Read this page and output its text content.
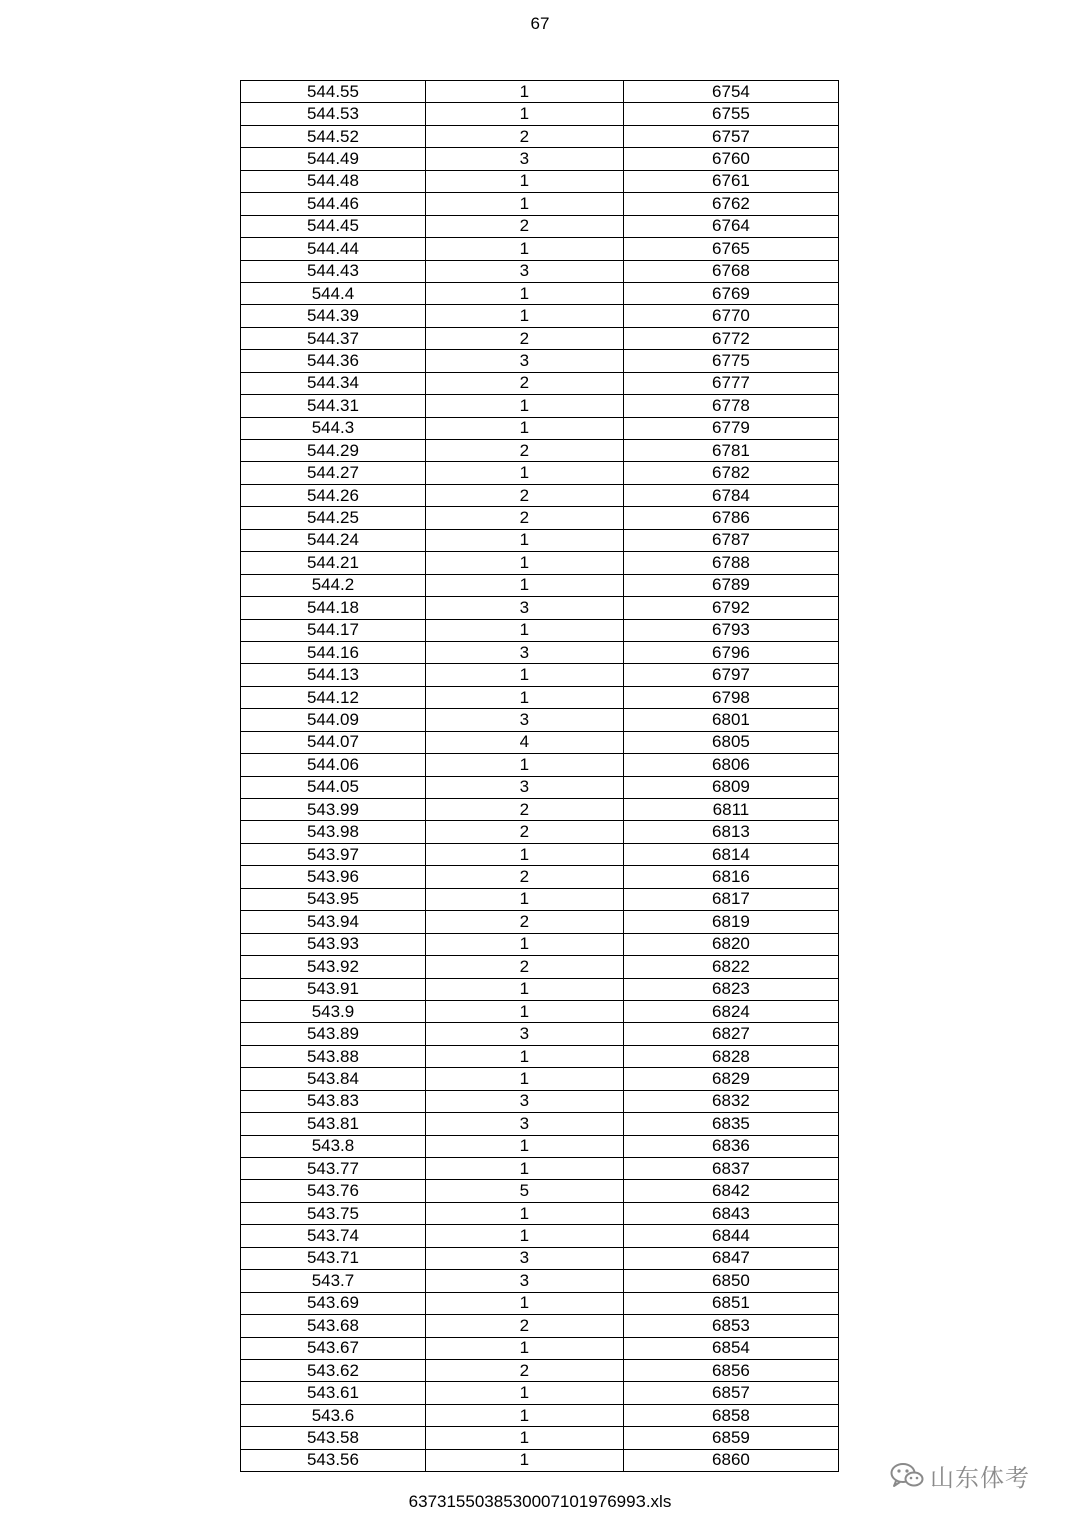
67
544.55	1	6754
544.53	1	6755
544.52	2	6757
544.49	3	6760
544.48	1	6761
544.46	1	6762
544.45	2	6764
544.44	1	6765
544.43	3	6768
544.4	1	6769
544.39	1	6770
544.37	2	6772
544.36	3	6775
544.34	2	6777
544.31	1	6778
544.3	1	6779
544.29	2	6781
544.27	1	6782
544.26	2	6784
544.25	2	6786
544.24	1	6787
544.21	1	6788
544.2	1	6789
544.18	3	6792
544.17	1	6793
544.16	3	6796
544.13	1	6797
544.12	1	6798
544.09	3	6801
544.07	4	6805
544.06	1	6806
544.05	3	6809
543.99	2	6811
543.98	2	6813
543.97	1	6814
543.96	2	6816
543.95	1	6817
543.94	2	6819
543.93	1	6820
543.92	2	6822
543.91	1	6823
543.9	1	6824
543.89	3	6827
543.88	1	6828
543.84	1	6829
543.83	3	6832
543.81	3	6835
543.8	1	6836
543.77	1	6837
543.76	5	6842
543.75	1	6843
543.74	1	6844
543.71	3	6847
543.7	3	6850
543.69	1	6851
543.68	2	6853
543.67	1	6854
543.62	2	6856
543.61	1	6857
543.6	1	6858
543.58	1	6859
543.56	1	6860
637315503853000710197699З.xls
山东体考
